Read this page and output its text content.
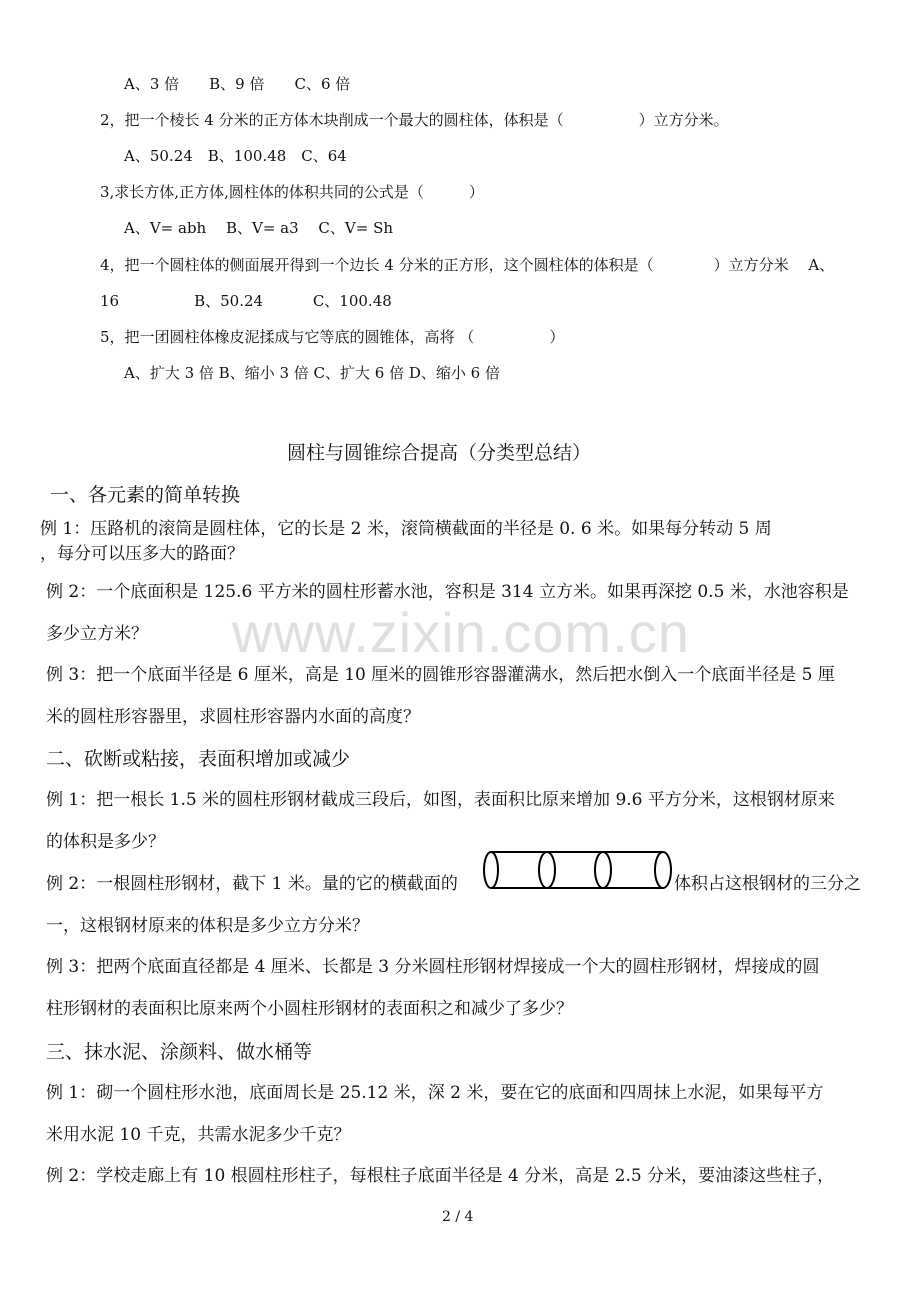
A、3 倍　　B、9 倍　　C、6 倍
2，把一个棱长 4 分米的正方体木块削成一个最大的圆柱体，体积是（　　　　　）立方分米。
A、50.24　B、100.48　C、64
3,求长方体,正方体,圆柱体的体积共同的公式是（　　　）
A、V= abh　 B、V= a3　 C、V= Sh
4，把一个圆柱体的侧面展开得到一个边长 4 分米的正方形，这个圆柱体的体积是（　　　　）立方分米　 A、
16　　　　　B、50.24　　　 C、100.48
5，把一团圆柱体橡皮泥揉成与它等底的圆锥体，高将 （　　　　　）
A、扩大 3 倍 B、缩小 3 倍 C、扩大 6 倍 D、缩小 6 倍
圆柱与圆锥综合提高（分类型总结）
一、各元素的简单转换
例 1：压路机的滚筒是圆柱体，它的长是 2 米，滚筒横截面的半径是 0. 6 米。如果每分转动 5 周
，每分可以压多大的路面？
例 2：一个底面积是 125.6 平方米的圆柱形蓄水池，容积是 314 立方米。如果再深挖 0.5 米，水池容积是
多少立方米？
例 3：把一个底面半径是 6 厘米，高是 10 厘米的圆锥形容器灌满水，然后把水倒入一个底面半径是 5 厘
米的圆柱形容器里，求圆柱形容器内水面的高度？
二、砍断或粘接，表面积增加或减少
例 1：把一根长 1.5 米的圆柱形钢材截成三段后，如图，表面积比原来增加 9.6 平方分米，这根钢材原来
的体积是多少？
例 2：一根圆柱形钢材，截下 1 米。量的它的横截面的	体积占这根钢材的三分之
一，这根钢材原来的体积是多少立方分米？
例 3：把两个底面直径都是 4 厘米、长都是 3 分米圆柱形钢材焊接成一个大的圆柱形钢材，焊接成的圆
柱形钢材的表面积比原来两个小圆柱形钢材的表面积之和减少了多少？
三、抹水泥、涂颜料、做水桶等
例 1：砌一个圆柱形水池，底面周长是 25.12 米，深 2 米，要在它的底面和四周抹上水泥，如果每平方
米用水泥 10 千克，共需水泥多少千克？
例 2：学校走廊上有 10 根圆柱形柱子，每根柱子底面半径是 4 分米，高是 2.5 分米，要油漆这些柱子，
www.zixin.com.cn
2 / 4
